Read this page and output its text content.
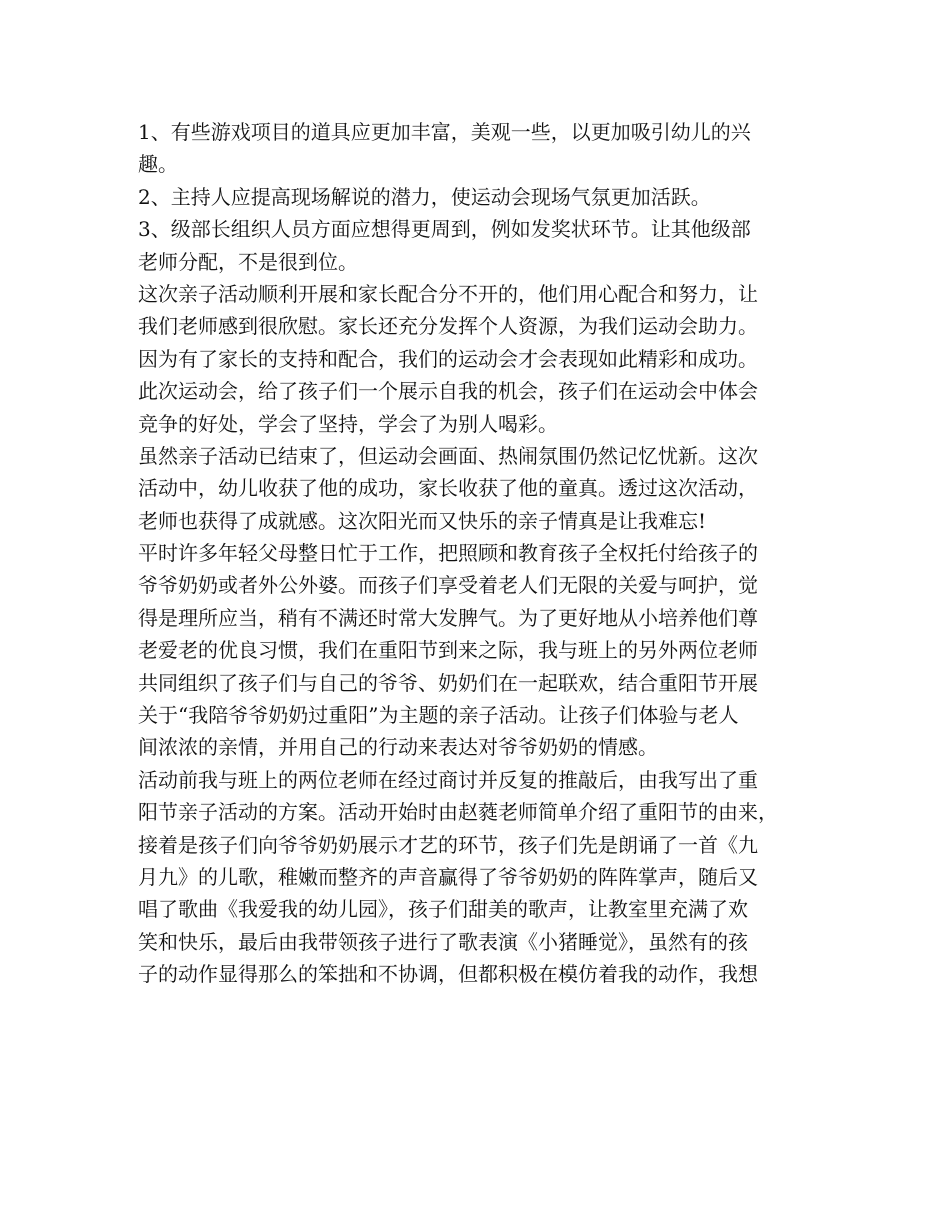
1、有些游戏项目的道具应更加丰富，美观一些，以更加吸引幼儿的兴
趣。
2、主持人应提高现场解说的潜力，使运动会现场气氛更加活跃。
3、级部长组织人员方面应想得更周到，例如发奖状环节。让其他级部
老师分配，不是很到位。
这次亲子活动顺利开展和家长配合分不开的，他们用心配合和努力，让
我们老师感到很欣慰。家长还充分发挥个人资源，为我们运动会助力。
因为有了家长的支持和配合，我们的运动会才会表现如此精彩和成功。
此次运动会，给了孩子们一个展示自我的机会，孩子们在运动会中体会
竞争的好处，学会了坚持，学会了为别人喝彩。
虽然亲子活动已结束了，但运动会画面、热闹氛围仍然记忆忧新。这次
活动中，幼儿收获了他的成功，家长收获了他的童真。透过这次活动，
老师也获得了成就感。这次阳光而又快乐的亲子情真是让我难忘!
平时许多年轻父母整日忙于工作，把照顾和教育孩子全权托付给孩子的
爷爷奶奶或者外公外婆。而孩子们享受着老人们无限的关爱与呵护，觉
得是理所应当，稍有不满还时常大发脾气。为了更好地从小培养他们尊
老爱老的优良习惯，我们在重阳节到来之际，我与班上的另外两位老师
共同组织了孩子们与自己的爷爷、奶奶们在一起联欢，结合重阳节开展
关于“我陪爷爷奶奶过重阳”为主题的亲子活动。让孩子们体验与老人
间浓浓的亲情，并用自己的行动来表达对爷爷奶奶的情感。
活动前我与班上的两位老师在经过商讨并反复的推敲后，由我写出了重
阳节亲子活动的方案。活动开始时由赵蕤老师简单介绍了重阳节的由来，
接着是孩子们向爷爷奶奶展示才艺的环节，孩子们先是朗诵了一首《九
月九》的儿歌，稚嫩而整齐的声音赢得了爷爷奶奶的阵阵掌声，随后又
唱了歌曲《我爱我的幼儿园》，孩子们甜美的歌声，让教室里充满了欢
笑和快乐，最后由我带领孩子进行了歌表演《小猪睡觉》，虽然有的孩
子的动作显得那么的笨拙和不协调，但都积极在模仿着我的动作，我想
